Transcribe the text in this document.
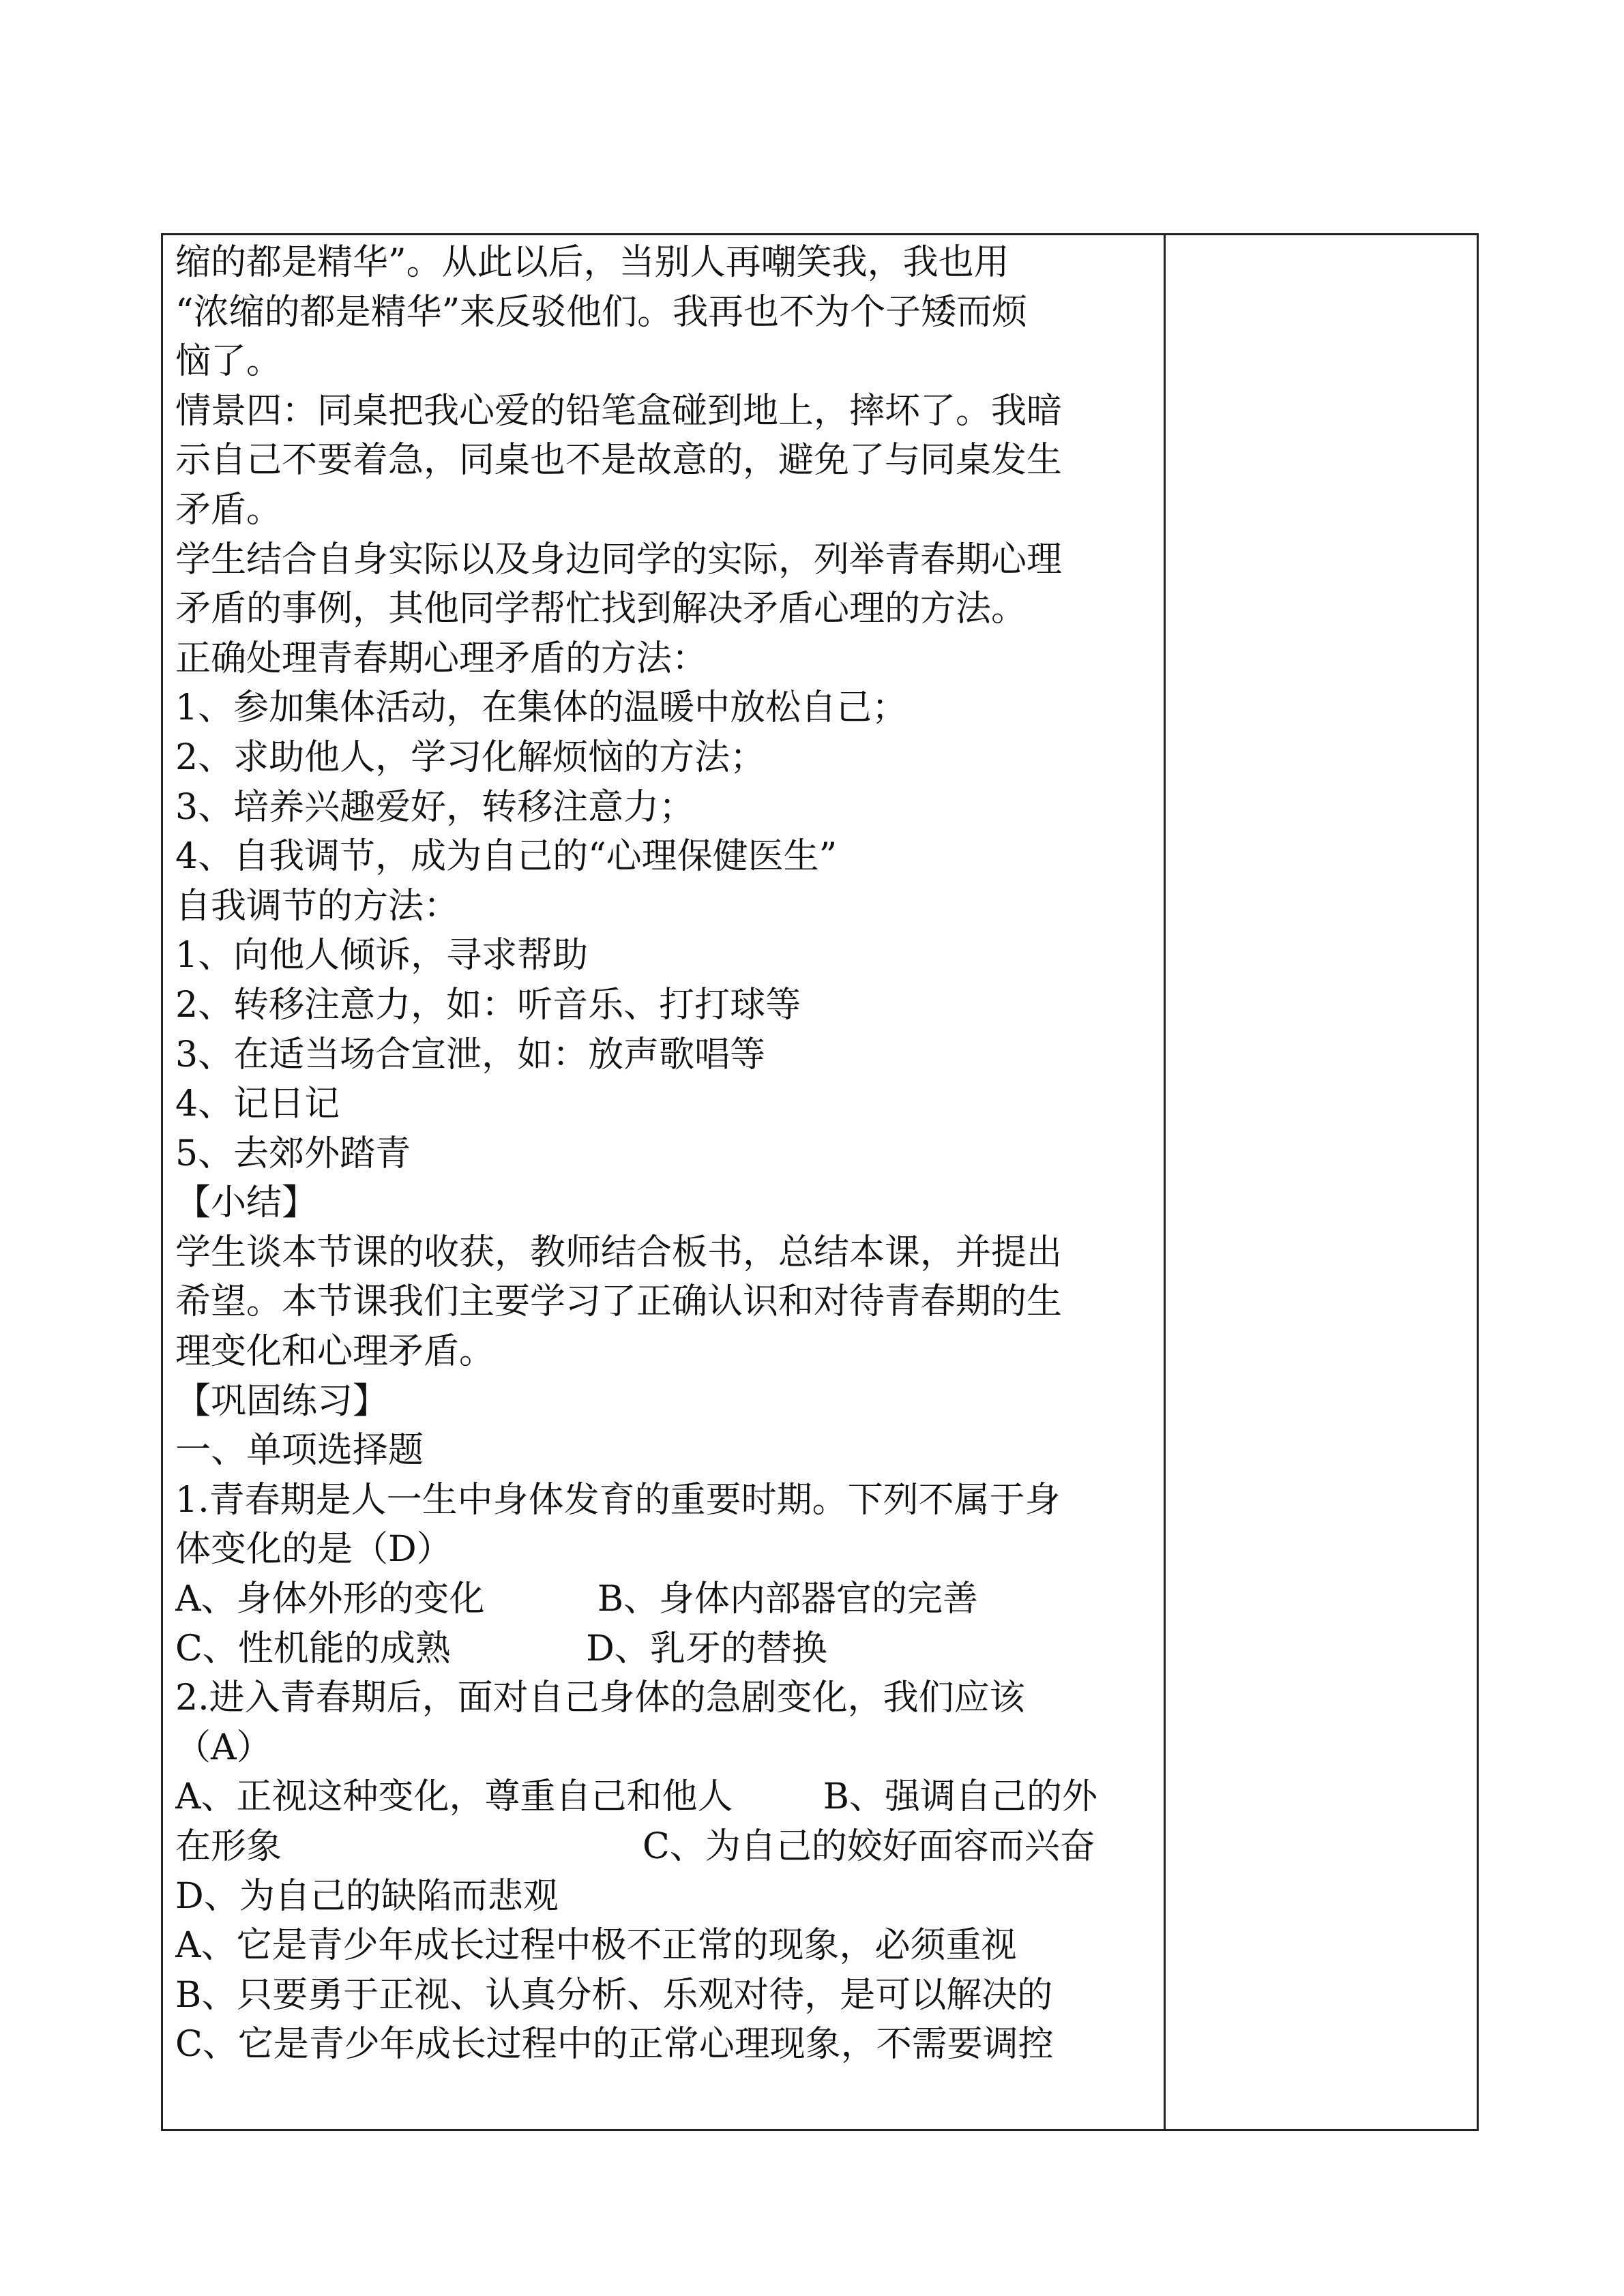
缩的都是精华”。从此以后，当别人再嘲笑我，我也用
“浓缩的都是精华”来反驳他们。我再也不为个子矮而烦
恼了。
情景四：同桌把我心爱的铅笔盒碰到地上，摔坏了。我暗
示自己不要着急，同桌也不是故意的，避免了与同桌发生
矛盾。
学生结合自身实际以及身边同学的实际，列举青春期心理
矛盾的事例，其他同学帮忙找到解决矛盾心理的方法。
正确处理青春期心理矛盾的方法：
1、参加集体活动，在集体的温暖中放松自己；
2、求助他人，学习化解烦恼的方法；
3、培养兴趣爱好，转移注意力；
4、自我调节，成为自己的“心理保健医生”
自我调节的方法：
1、向他人倾诉，寻求帮助
2、转移注意力，如：听音乐、打打球等
3、在适当场合宣泄，如：放声歌唱等
4、记日记
5、去郊外踏青
【小结】
学生谈本节课的收获，教师结合板书，总结本课，并提出
希望。本节课我们主要学习了正确认识和对待青春期的生
理变化和心理矛盾。
【巩固练习】
一、单项选择题
1.青春期是人一生中身体发育的重要时期。下列不属于身
体变化的是（D）
A、身体外形的变化          B、身体内部器官的完善
C、性机能的成熟            D、乳牙的替换
2.进入青春期后，面对自己身体的急剧变化，我们应该
（A）
A、正视这种变化，尊重自己和他人        B、强调自己的外
在形象                                C、为自己的姣好面容而兴奋
D、为自己的缺陷而悲观
A、它是青少年成长过程中极不正常的现象，必须重视
B、只要勇于正视、认真分析、乐观对待，是可以解决的
C、它是青少年成长过程中的正常心理现象，不需要调控
